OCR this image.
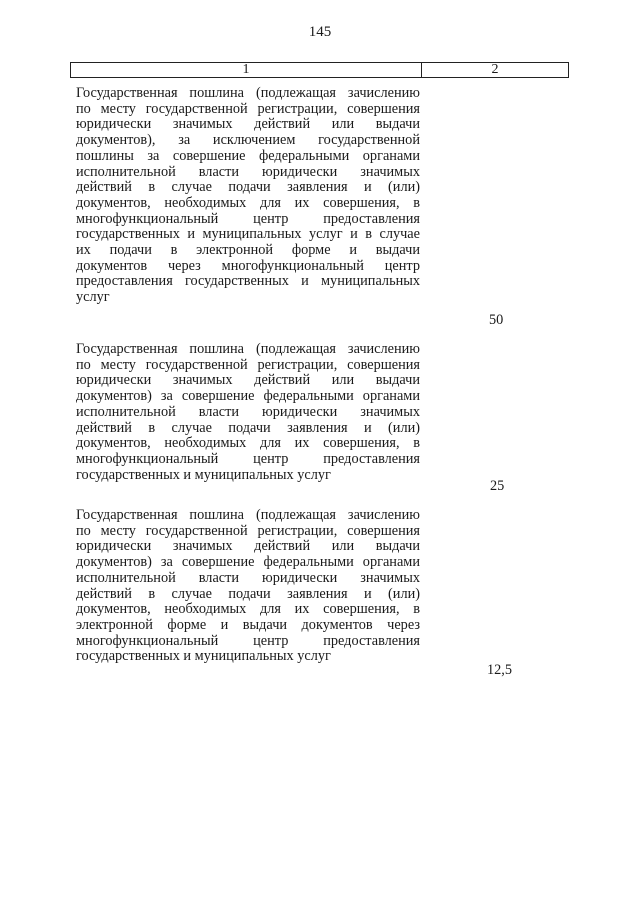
145
1	2
Государственная пошлина (подлежащая зачислению
по месту государственной регистрации, совершения
юридически значимых действий или выдачи
документов), за исключением государственной
пошлины за совершение федеральными органами
исполнительной власти юридически значимых
действий в случае подачи заявления и (или)
документов, необходимых для их совершения, в
многофункциональный центр предоставления
государственных и муниципальных услуг и в случае
их подачи в электронной форме и выдачи
документов через многофункциональный центр
предоставления государственных и муниципальных
услуг
50
Государственная пошлина (подлежащая зачислению
по месту государственной регистрации, совершения
юридически значимых действий или выдачи
документов) за совершение федеральными органами
исполнительной власти юридически значимых
действий в случае подачи заявления и (или)
документов, необходимых для их совершения, в
многофункциональный центр предоставления
государственных и муниципальных услуг
25
Государственная пошлина (подлежащая зачислению
по месту государственной регистрации, совершения
юридически значимых действий или выдачи
документов) за совершение федеральными органами
исполнительной власти юридически значимых
действий в случае подачи заявления и (или)
документов, необходимых для их совершения, в
электронной форме и выдачи документов через
многофункциональный центр предоставления
государственных и муниципальных услуг
12,5
